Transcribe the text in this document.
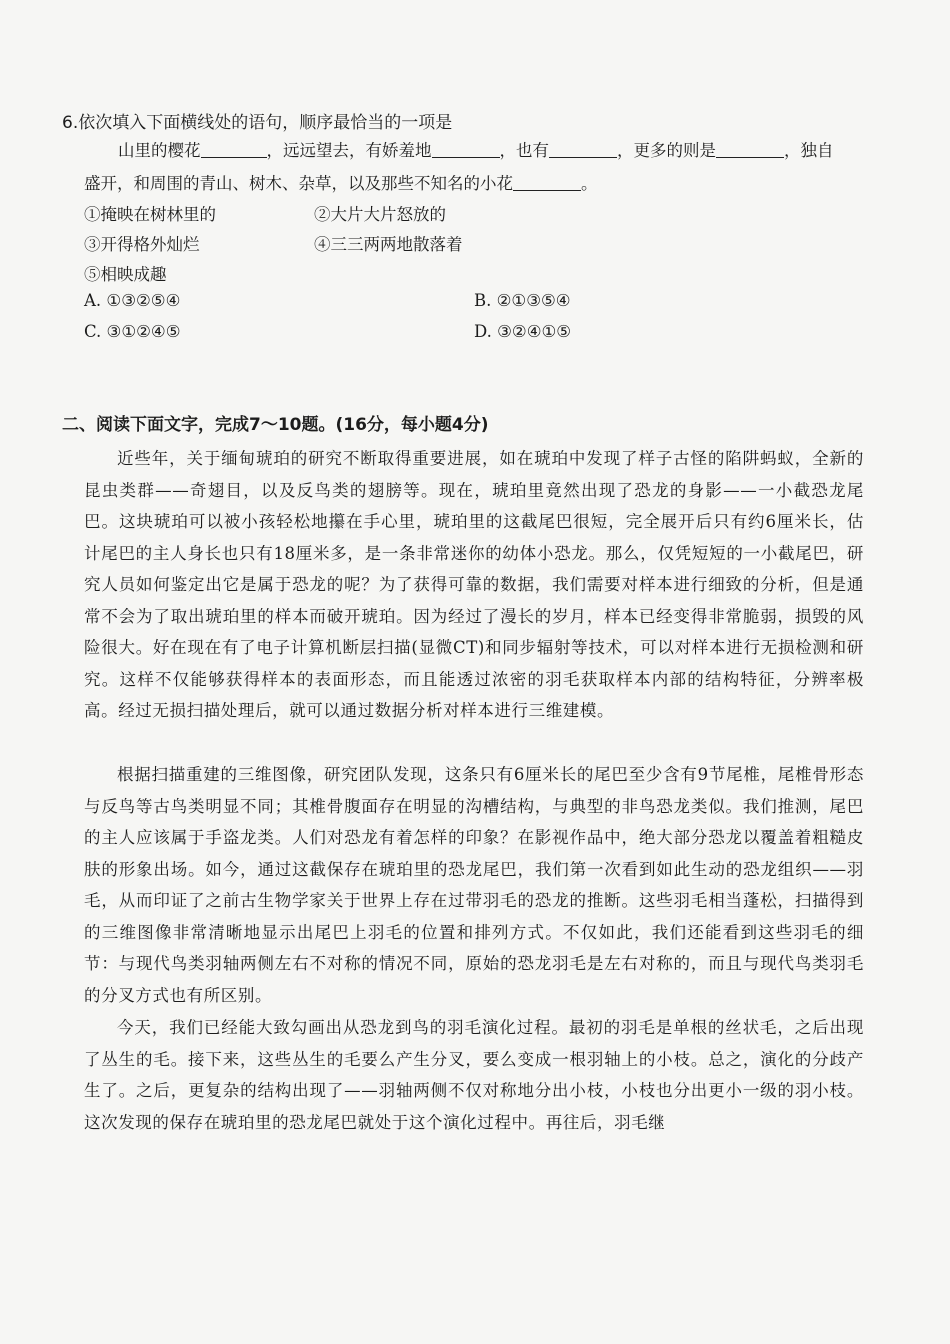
6.依次填入下面横线处的语句，顺序最恰当的一项是
山里的樱花	，远远望去，有娇羞地	，也有	，更多的则是	，独自
盛开，和周围的青山、树木、杂草，以及那些不知名的小花	。
①掩映在树林里的	②大片大片怒放的
③开得格外灿烂	④三三两两地散落着
⑤相映成趣
A. ①③②⑤④	B. ②①③⑤④
C. ③①②④⑤	D. ③②④①⑤
二、阅读下面文字，完成7～10题。(16分，每小题4分)
近些年，关于缅甸琥珀的研究不断取得重要进展，如在琥珀中发现了样子古怪的陷阱蚂蚁，全新的昆虫类群——奇翅目，以及反鸟类的翅膀等。现在，琥珀里竟然出现了恐龙的身影——一小截恐龙尾巴。这块琥珀可以被小孩轻松地攥在手心里，琥珀里的这截尾巴很短，完全展开后只有约6厘米长，估计尾巴的主人身长也只有18厘米多，是一条非常迷你的幼体小恐龙。那么，仅凭短短的一小截尾巴，研究人员如何鉴定出它是属于恐龙的呢？为了获得可靠的数据，我们需要对样本进行细致的分析，但是通常不会为了取出琥珀里的样本而破开琥珀。因为经过了漫长的岁月，样本已经变得非常脆弱，损毁的风险很大。好在现在有了电子计算机断层扫描(显微CT)和同步辐射等技术，可以对样本进行无损检测和研究。这样不仅能够获得样本的表面形态，而且能透过浓密的羽毛获取样本内部的结构特征，分辨率极高。经过无损扫描处理后，就可以通过数据分析对样本进行三维建模。
根据扫描重建的三维图像，研究团队发现，这条只有6厘米长的尾巴至少含有9节尾椎，尾椎骨形态与反鸟等古鸟类明显不同；其椎骨腹面存在明显的沟槽结构，与典型的非鸟恐龙类似。我们推测，尾巴的主人应该属于手盗龙类。人们对恐龙有着怎样的印象？在影视作品中，绝大部分恐龙以覆盖着粗糙皮肤的形象出场。如今，通过这截保存在琥珀里的恐龙尾巴，我们第一次看到如此生动的恐龙组织——羽毛，从而印证了之前古生物学家关于世界上存在过带羽毛的恐龙的推断。这些羽毛相当蓬松，扫描得到的三维图像非常清晰地显示出尾巴上羽毛的位置和排列方式。不仅如此，我们还能看到这些羽毛的细节：与现代鸟类羽轴两侧左右不对称的情况不同，原始的恐龙羽毛是左右对称的，而且与现代鸟类羽毛的分叉方式也有所区别。
今天，我们已经能大致勾画出从恐龙到鸟的羽毛演化过程。最初的羽毛是单根的丝状毛，之后出现了丛生的毛。接下来，这些丛生的毛要么产生分叉，要么变成一根羽轴上的小枝。总之，演化的分歧产生了。之后，更复杂的结构出现了——羽轴两侧不仅对称地分出小枝，小枝也分出更小一级的羽小枝。这次发现的保存在琥珀里的恐龙尾巴就处于这个演化过程中。再往后，羽毛继
